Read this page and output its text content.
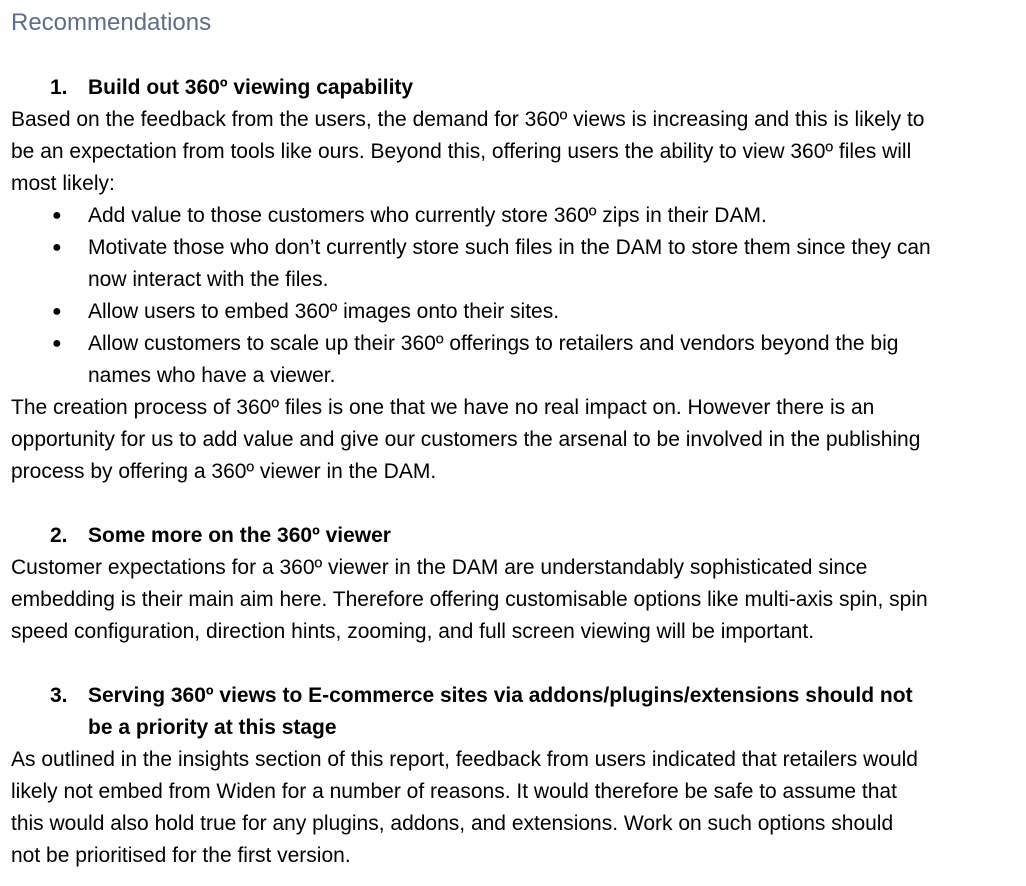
Recommendations
1. Build out 360º viewing capability
Based on the feedback from the users, the demand for 360º views is increasing and this is likely to
be an expectation from tools like ours. Beyond this, offering users the ability to view 360º files will
most likely:
● Add value to those customers who currently store 360º zips in their DAM.
● Motivate those who don’t currently store such files in the DAM to store them since they can
now interact with the files.
● Allow users to embed 360º images onto their sites.
● Allow customers to scale up their 360º offerings to retailers and vendors beyond the big
names who have a viewer.
The creation process of 360º files is one that we have no real impact on. However there is an
opportunity for us to add value and give our customers the arsenal to be involved in the publishing
process by offering a 360º viewer in the DAM.
2. Some more on the 360º viewer
Customer expectations for a 360º viewer in the DAM are understandably sophisticated since
embedding is their main aim here. Therefore offering customisable options like multi-axis spin, spin
speed configuration, direction hints, zooming, and full screen viewing will be important.
3. Serving 360º views to E-commerce sites via addons/plugins/extensions should not
be a priority at this stage
As outlined in the insights section of this report, feedback from users indicated that retailers would
likely not embed from Widen for a number of reasons. It would therefore be safe to assume that
this would also hold true for any plugins, addons, and extensions. Work on such options should
not be prioritised for the first version.
